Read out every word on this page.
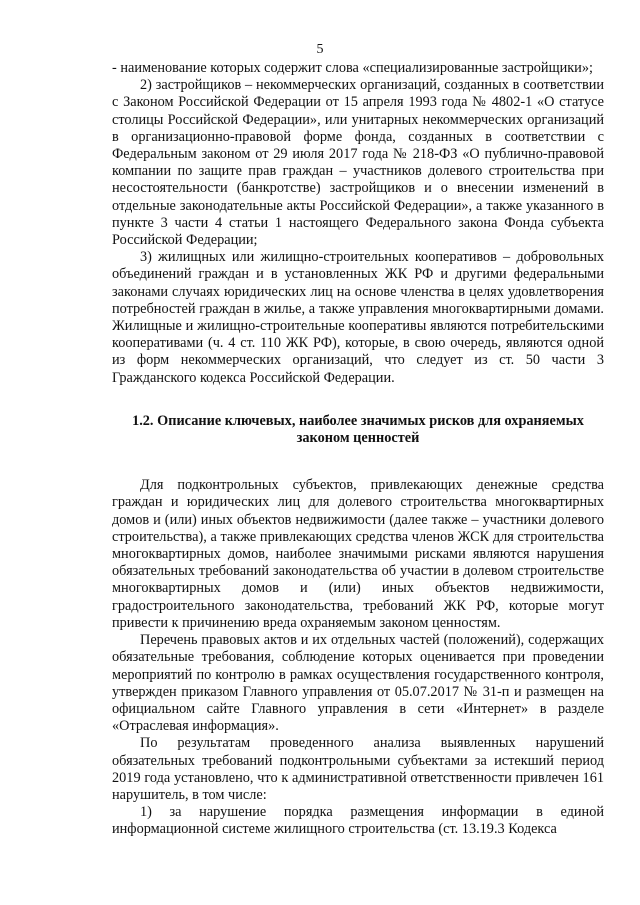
5

- наименование которых содержит слова «специализированные застройщики»;

2) застройщиков – некоммерческих организаций, созданных в соответствии с Законом Российской Федерации от 15 апреля 1993 года № 4802-1 «О статусе столицы Российской Федерации», или унитарных некоммерческих организаций в организационно-правовой форме фонда, созданных в соответствии с Федеральным законом от 29 июля 2017 года № 218-ФЗ «О публично-правовой компании по защите прав граждан – участников долевого строительства при несостоятельности (банкротстве) застройщиков и о внесении изменений в отдельные законодательные акты Российской Федерации», а также указанного в пункте 3 части 4 статьи 1 настоящего Федерального закона Фонда субъекта Российской Федерации;

3) жилищных или жилищно-строительных кооперативов – добровольных объединений граждан и в установленных ЖК РФ и другими федеральными законами случаях юридических лиц на основе членства в целях удовлетворения потребностей граждан в жилье, а также управления многоквартирными домами. Жилищные и жилищно-строительные кооперативы являются потребительскими кооперативами (ч. 4 ст. 110 ЖК РФ), которые, в свою очередь, являются одной из форм некоммерческих организаций, что следует из ст. 50 части 3 Гражданского кодекса Российской Федерации.

1.2. Описание ключевых, наиболее значимых рисков для охраняемых законом ценностей

Для подконтрольных субъектов, привлекающих денежные средства граждан и юридических лиц для долевого строительства многоквартирных домов и (или) иных объектов недвижимости (далее также – участники долевого строительства), а также привлекающих средства членов ЖСК для строительства многоквартирных домов, наиболее значимыми рисками являются нарушения обязательных требований законодательства об участии в долевом строительстве многоквартирных домов и (или) иных объектов недвижимости, градостроительного законодательства, требований ЖК РФ, которые могут привести к причинению вреда охраняемым законом ценностям.

Перечень правовых актов и их отдельных частей (положений), содержащих обязательные требования, соблюдение которых оценивается при проведении мероприятий по контролю в рамках осуществления государственного контроля, утвержден приказом Главного управления от 05.07.2017 № 31-п и размещен на официальном сайте Главного управления в сети «Интернет» в разделе «Отраслевая информация».

По результатам проведенного анализа выявленных нарушений обязательных требований подконтрольными субъектами за истекший период 2019 года установлено, что к административной ответственности привлечен 161 нарушитель, в том числе:

1) за нарушение порядка размещения информации в единой информационной системе жилищного строительства (ст. 13.19.3 Кодекса
